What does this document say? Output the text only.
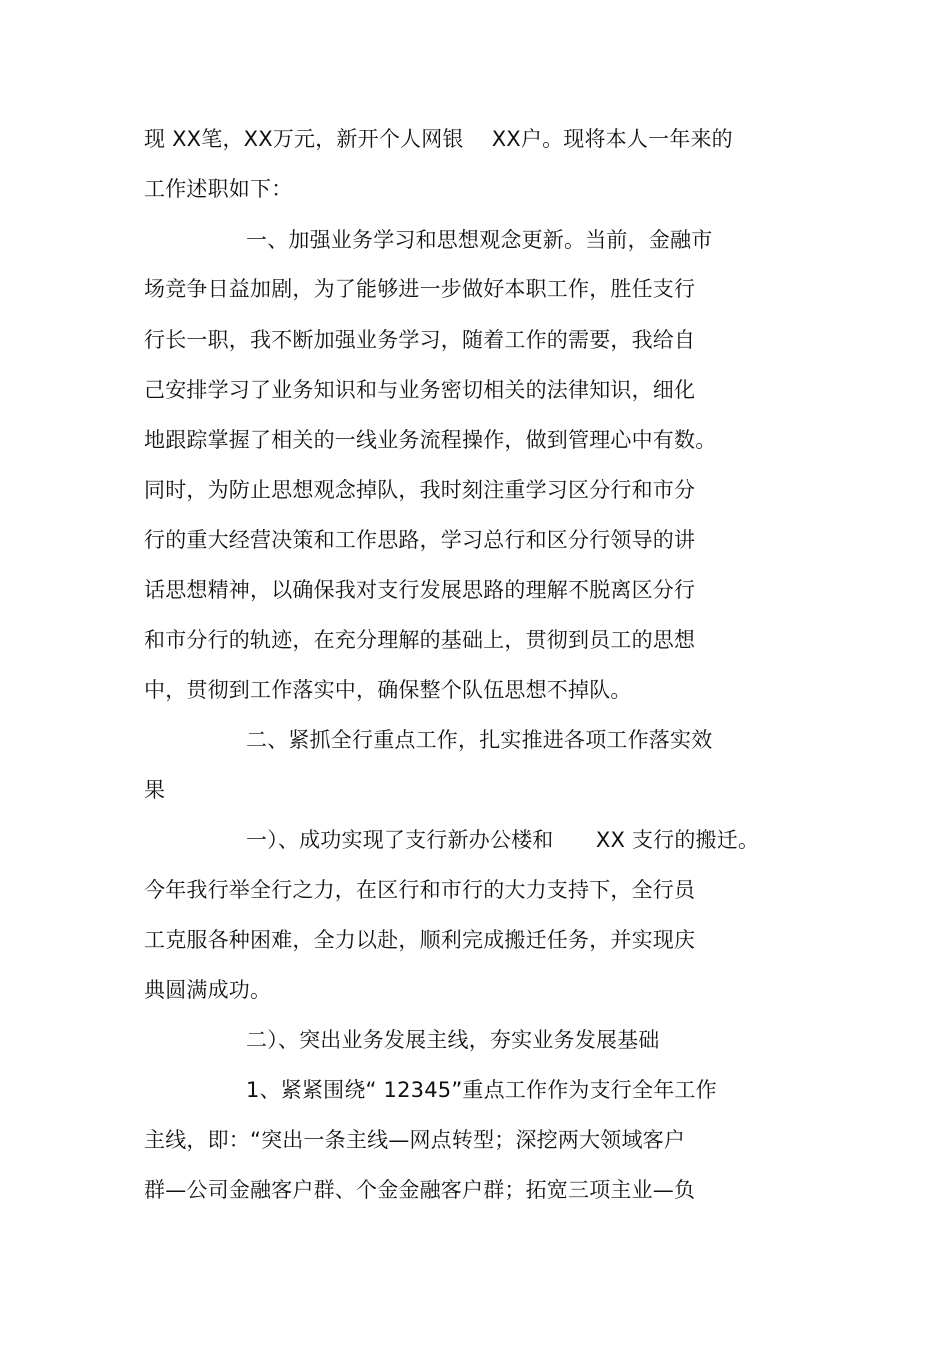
现 XX笔，XX万元，新开个人网银　 XX户。现将本人一年来的
工作述职如下：
一、加强业务学习和思想观念更新。当前，金融市
场竞争日益加剧，为了能够进一步做好本职工作，胜任支行
行长一职，我不断加强业务学习，随着工作的需要，我给自
己安排学习了业务知识和与业务密切相关的法律知识，细化
地跟踪掌握了相关的一线业务流程操作，做到管理心中有数。
同时，为防止思想观念掉队，我时刻注重学习区分行和市分
行的重大经营决策和工作思路，学习总行和区分行领导的讲
话思想精神，以确保我对支行发展思路的理解不脱离区分行
和市分行的轨迹，在充分理解的基础上，贯彻到员工的思想
中，贯彻到工作落实中，确保整个队伍思想不掉队。
二、紧抓全行重点工作，扎实推进各项工作落实效
果
一）、成功实现了支行新办公楼和　　XX 支行的搬迁。
今年我行举全行之力，在区行和市行的大力支持下，全行员
工克服各种困难，全力以赴，顺利完成搬迁任务，并实现庆
典圆满成功。
二）、突出业务发展主线，夯实业务发展基础
1、紧紧围绕“ 12345”重点工作作为支行全年工作
主线，即：“突出一条主线—网点转型；深挖两大领域客户
群—公司金融客户群、个金金融客户群；拓宽三项主业—负
